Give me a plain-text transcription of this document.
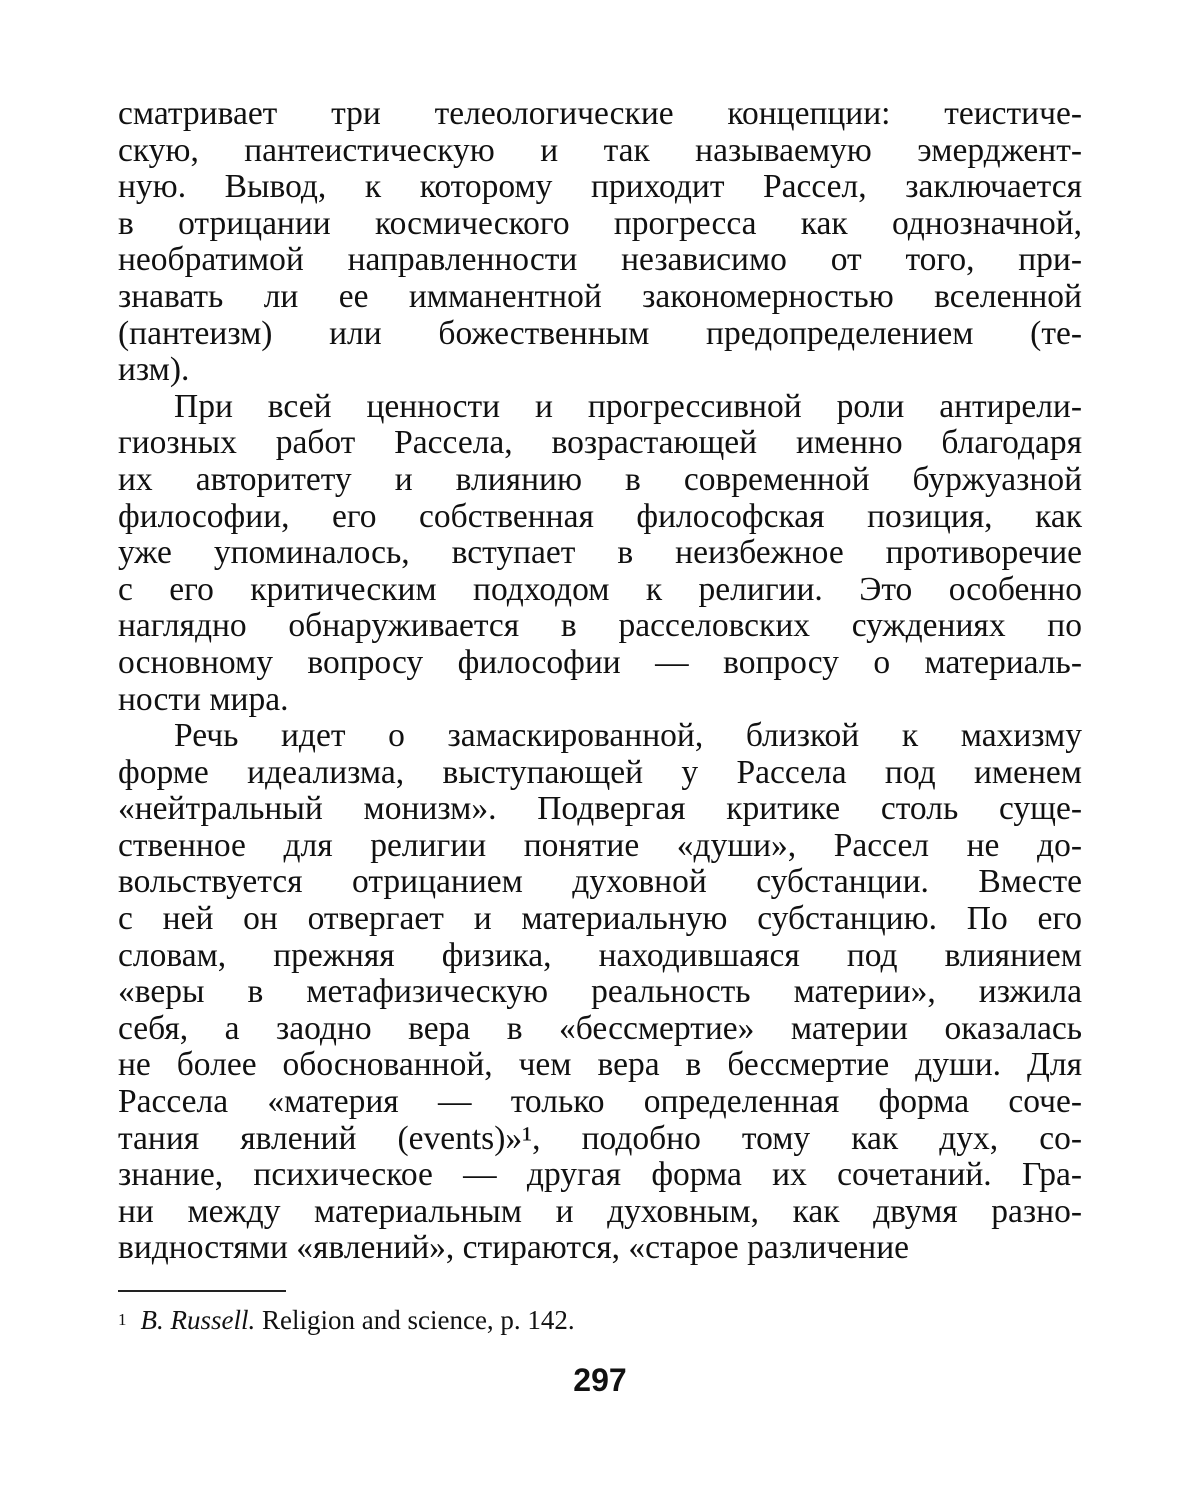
сматривает три телеологические концепции: теистиче-
скую, пантеистическую и так называемую эмерджент-
ную. Вывод, к которому приходит Рассел, заключается
в отрицании космического прогресса как однозначной,
необратимой направленности независимо от того, при-
знавать ли ее имманентной закономерностью вселенной
(пантеизм) или божественным предопределением (те-
изм).

При всей ценности и прогрессивной роли антирели-
гиозных работ Рассела, возрастающей именно благодаря
их авторитету и влиянию в современной буржуазной
философии, его собственная философская позиция, как
уже упоминалось, вступает в неизбежное противоречие
с его критическим подходом к религии. Это особенно
наглядно обнаруживается в расселовских суждениях по
основному вопросу философии — вопросу о материаль-
ности мира.

Речь идет о замаскированной, близкой к махизму
форме идеализма, выступающей у Рассела под именем
«нейтральный монизм». Подвергая критике столь суще-
ственное для религии понятие «души», Рассел не до-
вольствуется отрицанием духовной субстанции. Вместе
с ней он отвергает и материальную субстанцию. По его
словам, прежняя физика, находившаяся под влиянием
«веры в метафизическую реальность материи», изжила
себя, а заодно вера в «бессмертие» материи оказалась
не более обоснованной, чем вера в бессмертие души. Для
Рассела «материя — только определенная форма соче-
тания явлений (events)»¹, подобно тому как дух, со-
знание, психическое — другая форма их сочетаний. Гра-
ни между материальным и духовным, как двумя разно-
видностями «явлений», стираются, «старое различение

$^1$ B. Russell. Religion and science, p. 142.
297
